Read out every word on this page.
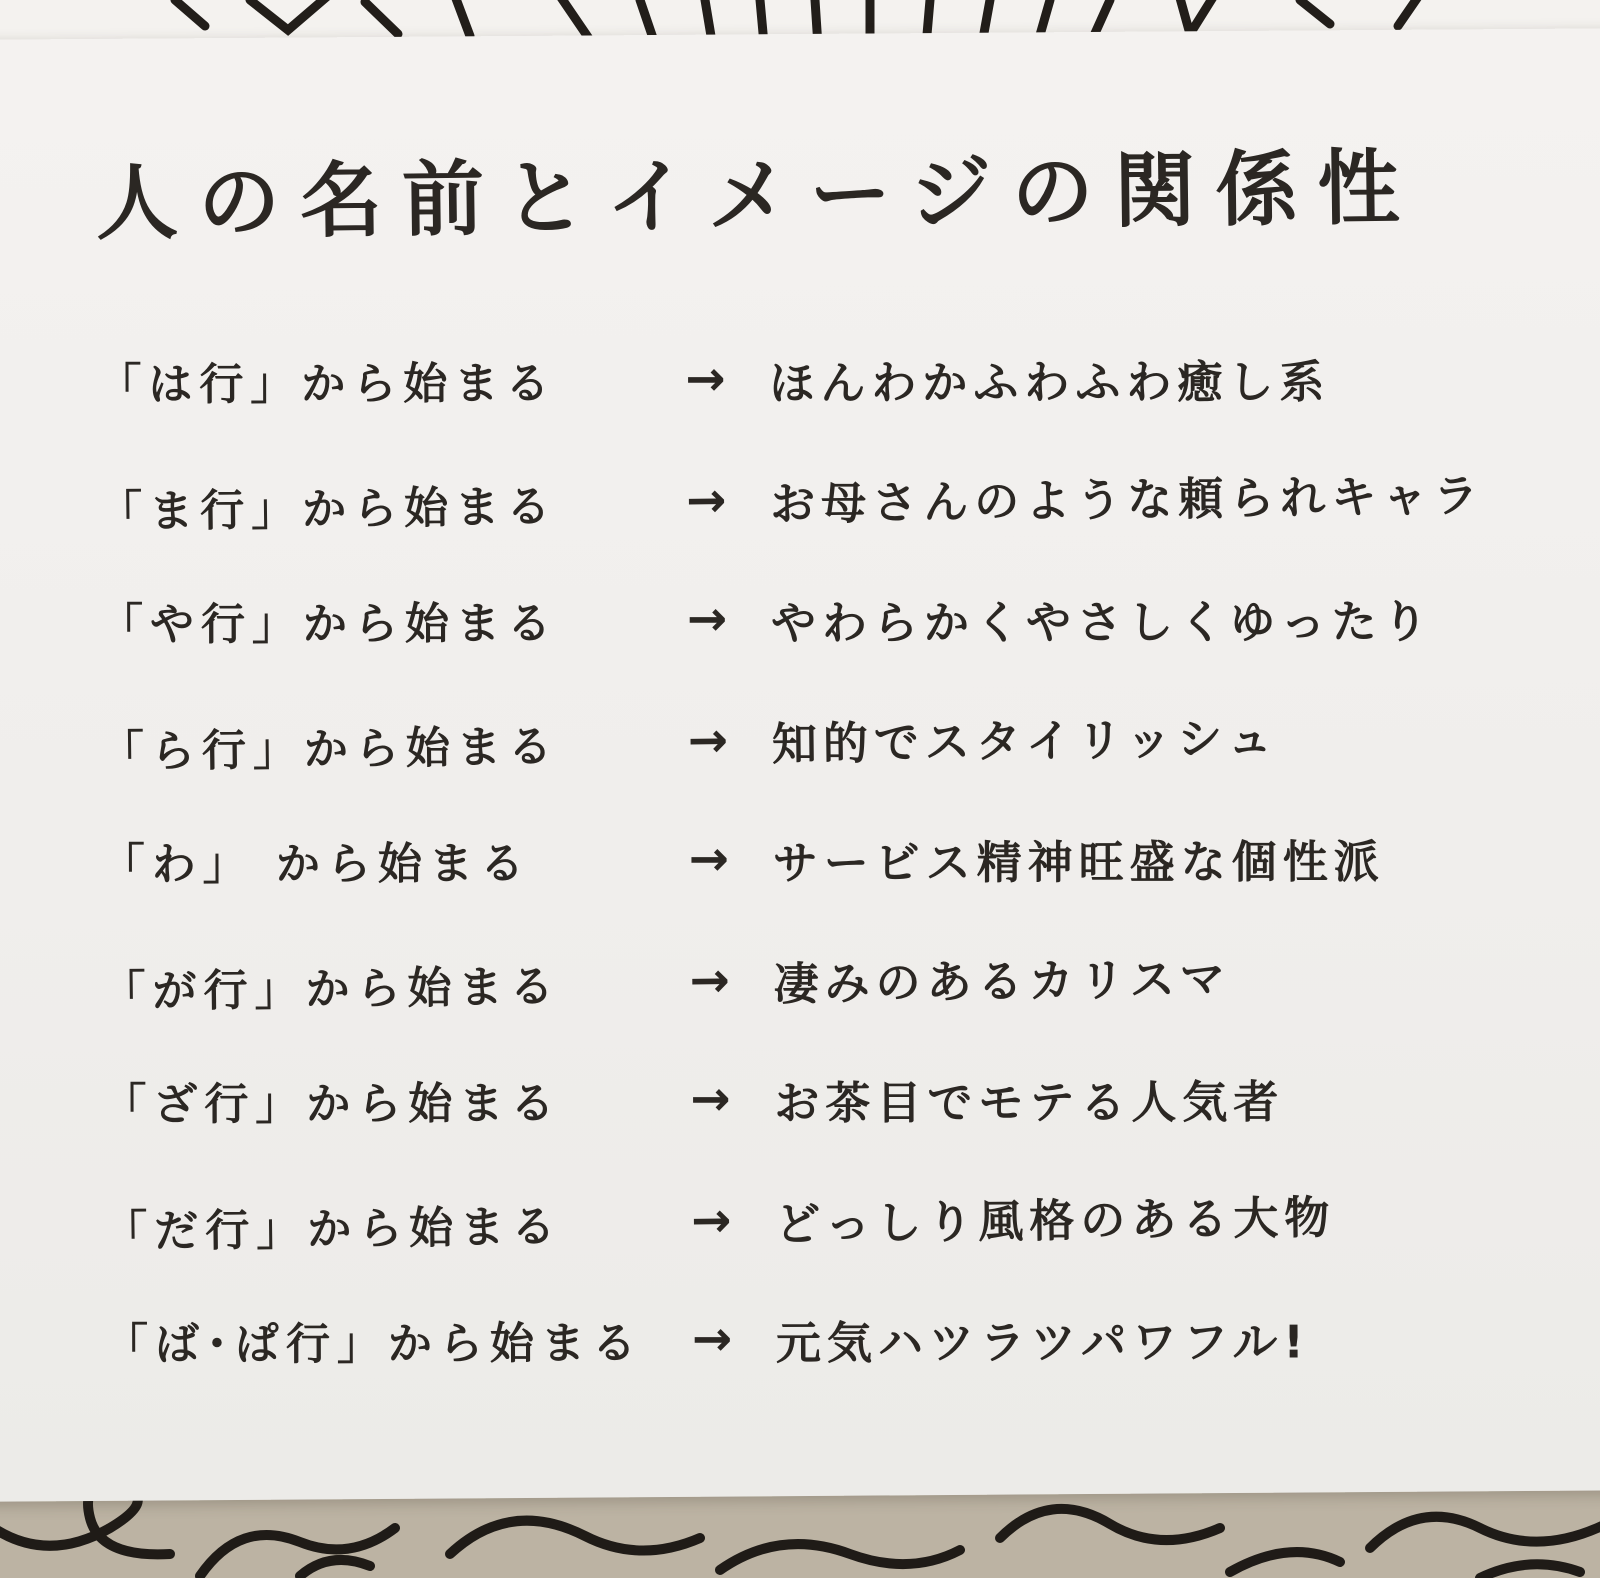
人の名前とイメージの関係性
「は行」から始まる	→ ほんわかふわふわ癒し系
「ま行」から始まる	→ お母さんのような頼られキャラ
「や行」から始まる	→ やわらかくやさしくゆったり
「ら行」から始まる	→ 知的でスタイリッシュ
「わ」 から始まる	→ サービス精神旺盛な個性派
「が行」から始まる	→ 凄みのあるカリスマ
「ざ行」から始まる	→ お茶目でモテる人気者
「だ行」から始まる	→ どっしり風格のある大物
「ば･ぱ行」から始まる	→ 元気ハツラツパワフル!
